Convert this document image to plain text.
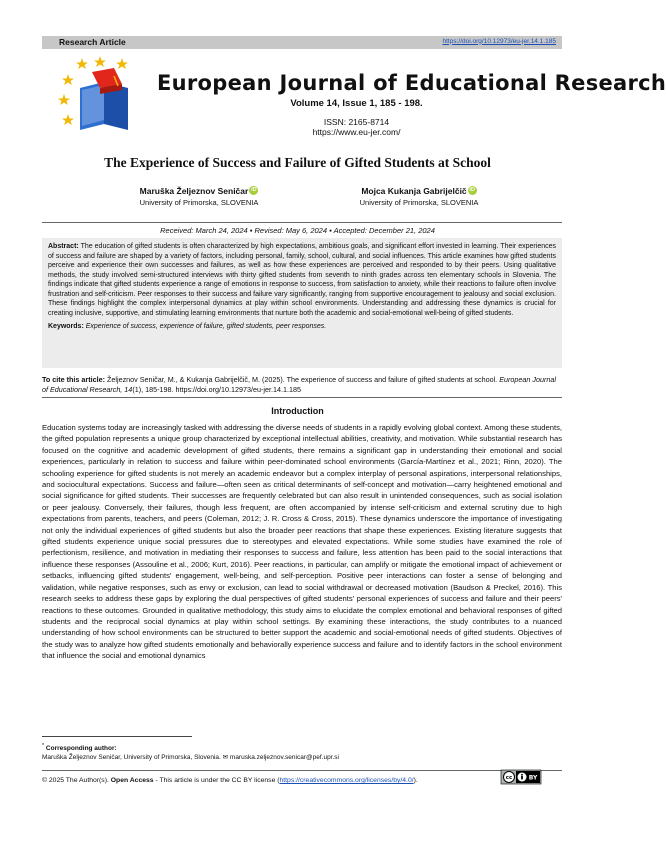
Research Article	https://doi.org/10.12973/eu-jer.14.1.185
European Journal of Educational Research
Volume 14, Issue 1, 185 - 198.
ISSN: 2165-8714
https://www.eu-jer.com/
The Experience of Success and Failure of Gifted Students at School
Maruška Željeznov Seničar iD
University of Primorska, SLOVENIA
Mojca Kukanja Gabrijelčič iD
University of Primorska, SLOVENIA
Received: March 24, 2024 ▪ Revised: May 6, 2024 ▪ Accepted: December 21, 2024

Abstract: The education of gifted students is often characterized by high expectations, ambitious goals, and significant effort invested in learning. Their experiences of success and failure are shaped by a variety of factors, including personal, family, school, cultural, and social influences. This article examines how gifted students perceive and experience their own successes and failures, as well as how these experiences are perceived and responded to by their peers. Using qualitative methods, the study involved semi-structured interviews with thirty gifted students from seventh to ninth grades across ten elementary schools in Slovenia. The findings indicate that gifted students experience a range of emotions in response to success, from satisfaction to anxiety, while their reactions to failure often involve frustration and self-criticism. Peer responses to their success and failure vary significantly, ranging from supportive encouragement to jealousy and social exclusion. These findings highlight the complex interpersonal dynamics at play within school environments. Understanding and addressing these dynamics is crucial for creating inclusive, supportive, and stimulating learning environments that nurture both the academic and social-emotional well-being of gifted students.

Keywords: Experience of success, experience of failure, gifted students, peer responses.

To cite this article: Željeznov Seničar, M., & Kukanja Gabrijelčič, M. (2025). The experience of success and failure of gifted students at school. European Journal of Educational Research, 14(1), 185-198. https://doi.org/10.12973/eu-jer.14.1.185
Introduction
Education systems today are increasingly tasked with addressing the diverse needs of students in a rapidly evolving global context. Among these students, the gifted population represents a unique group characterized by exceptional intellectual abilities, creativity, and motivation. While substantial research has focused on the cognitive and academic development of gifted students, there remains a significant gap in understanding their emotional and social experiences, particularly in relation to success and failure within peer-dominated school environments (García-Martínez et al., 2021; Rinn, 2020). The schooling experience for gifted students is not merely an academic endeavor but a complex interplay of personal aspirations, interpersonal relationships, and sociocultural expectations. Success and failure—often seen as critical determinants of self-concept and motivation—carry heightened emotional and social significance for gifted students. Their successes are frequently celebrated but can also result in unintended consequences, such as social isolation or peer jealousy. Conversely, their failures, though less frequent, are often accompanied by intense self-criticism and external scrutiny due to high expectations from parents, teachers, and peers (Coleman, 2012; J. R. Cross & Cross, 2015). These dynamics underscore the importance of investigating not only the individual experiences of gifted students but also the broader peer reactions that shape these experiences. Existing literature suggests that gifted students experience unique social pressures due to stereotypes and elevated expectations. While some studies have examined the role of perfectionism, resilience, and motivation in mediating their responses to success and failure, less attention has been paid to the social interactions that influence these responses (Assouline et al., 2006; Kurt, 2016). Peer reactions, in particular, can amplify or mitigate the emotional impact of achievement or setbacks, influencing gifted students' engagement, well-being, and self-perception. Positive peer interactions can foster a sense of belonging and validation, while negative responses, such as envy or exclusion, can lead to social withdrawal or decreased motivation (Baudson & Preckel, 2016). This research seeks to address these gaps by exploring the dual perspectives of gifted students' personal experiences of success and failure and their peers' reactions to these outcomes. Grounded in qualitative methodology, this study aims to elucidate the complex emotional and behavioral responses of gifted students and the reciprocal social dynamics at play within school settings. By examining these interactions, the study contributes to a nuanced understanding of how school environments can be structured to better support the academic and social-emotional needs of gifted students. Objectives of the study was to analyze how gifted students emotionally and behaviorally experience success and failure and to identify factors in the school environment that influence the social and emotional dynamics
* Corresponding author:
Maruška Željeznov Seničar, University of Primorska, Slovenia. ✉ maruska.zeljeznov.senicar@pef.upr.si
© 2025 The Author(s). Open Access - This article is under the CC BY license (https://creativecommons.org/licenses/by/4.0/).	cc	BY
